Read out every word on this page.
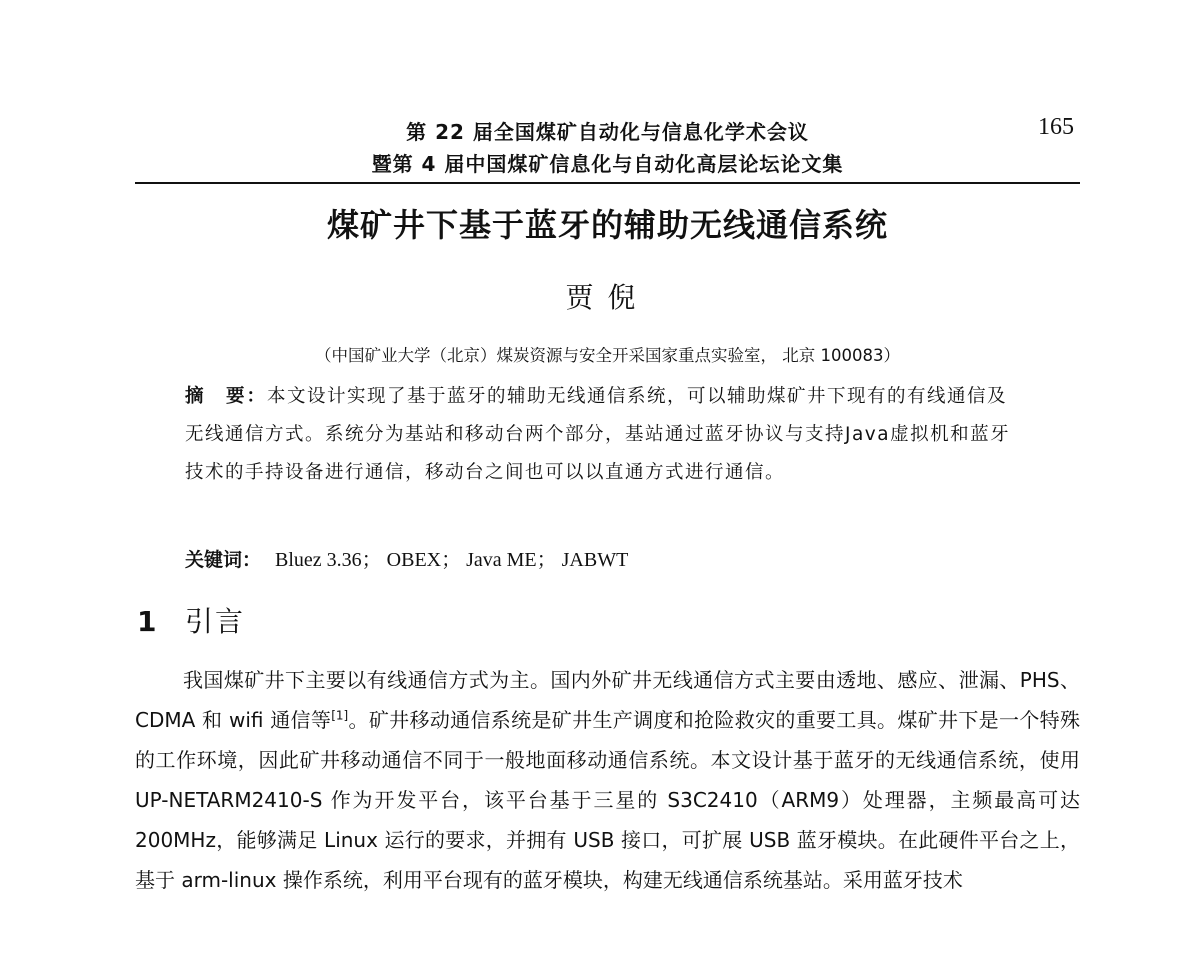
第 22 届全国煤矿自动化与信息化学术会议
暨第 4 届中国煤矿信息化与自动化高层论坛论文集
165
煤矿井下基于蓝牙的辅助无线通信系统
贾倪
（中国矿业大学（北京）煤炭资源与安全开采国家重点实验室， 北京 100083）
摘　要：本文设计实现了基于蓝牙的辅助无线通信系统，可以辅助煤矿井下现有的有线通信及无线通信方式。系统分为基站和移动台两个部分，基站通过蓝牙协议与支持Java虚拟机和蓝牙技术的手持设备进行通信，移动台之间也可以以直通方式进行通信。
关键词： Bluez 3.36； OBEX； Java ME； JABWT
1 引言
我国煤矿井下主要以有线通信方式为主。国内外矿井无线通信方式主要由透地、感应、泄漏、PHS、CDMA 和 wifi 通信等[1]。矿井移动通信系统是矿井生产调度和抢险救灾的重要工具。煤矿井下是一个特殊的工作环境，因此矿井移动通信不同于一般地面移动通信系统。本文设计基于蓝牙的无线通信系统，使用 UP-NETARM2410-S 作为开发平台，该平台基于三星的 S3C2410（ARM9）处理器，主频最高可达 200MHz，能够满足 Linux 运行的要求，并拥有 USB 接口，可扩展 USB 蓝牙模块。在此硬件平台之上，基于 arm-linux 操作系统，利用平台现有的蓝牙模块，构建无线通信系统基站。采用蓝牙技术
